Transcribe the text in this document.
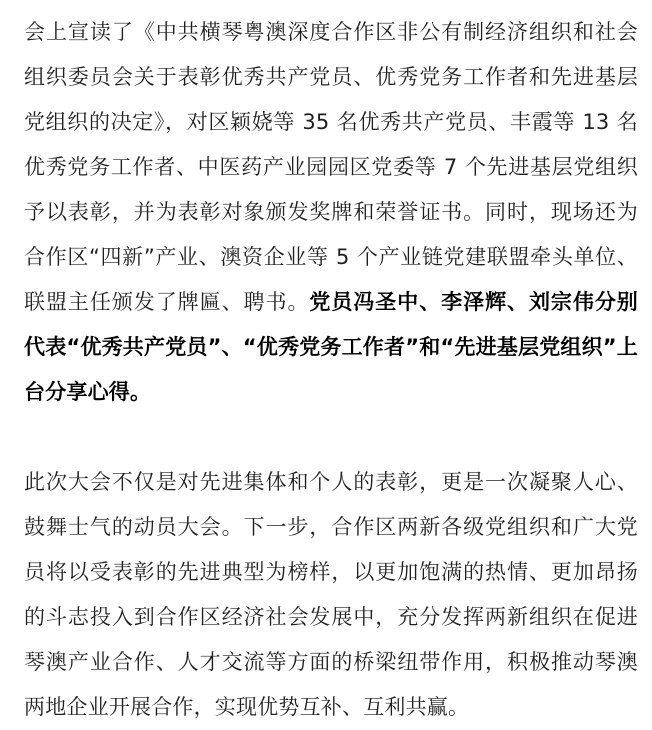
会上宣读了《中共横琴粤澳深度合作区非公有制经济组织和社会组织委员会关于表彰优秀共产党员、优秀党务工作者和先进基层党组织的决定》，对区颖娆等 35 名优秀共产党员、丰霞等 13 名优秀党务工作者、中医药产业园园区党委等 7 个先进基层党组织予以表彰，并为表彰对象颁发奖牌和荣誉证书。同时，现场还为合作区“四新”产业、澳资企业等 5 个产业链党建联盟牵头单位、联盟主任颁发了牌匾、聘书。党员冯圣中、李泽辉、刘宗伟分别代表“优秀共产党员”、“优秀党务工作者”和“先进基层党组织”上台分享心得。

此次大会不仅是对先进集体和个人的表彰，更是一次凝聚人心、鼓舞士气的动员大会。下一步，合作区两新各级党组织和广大党员将以受表彰的先进典型为榜样，以更加饱满的热情、更加昂扬的斗志投入到合作区经济社会发展中，充分发挥两新组织在促进琴澳产业合作、人才交流等方面的桥梁纽带作用，积极推动琴澳两地企业开展合作，实现优势互补、互利共赢。
